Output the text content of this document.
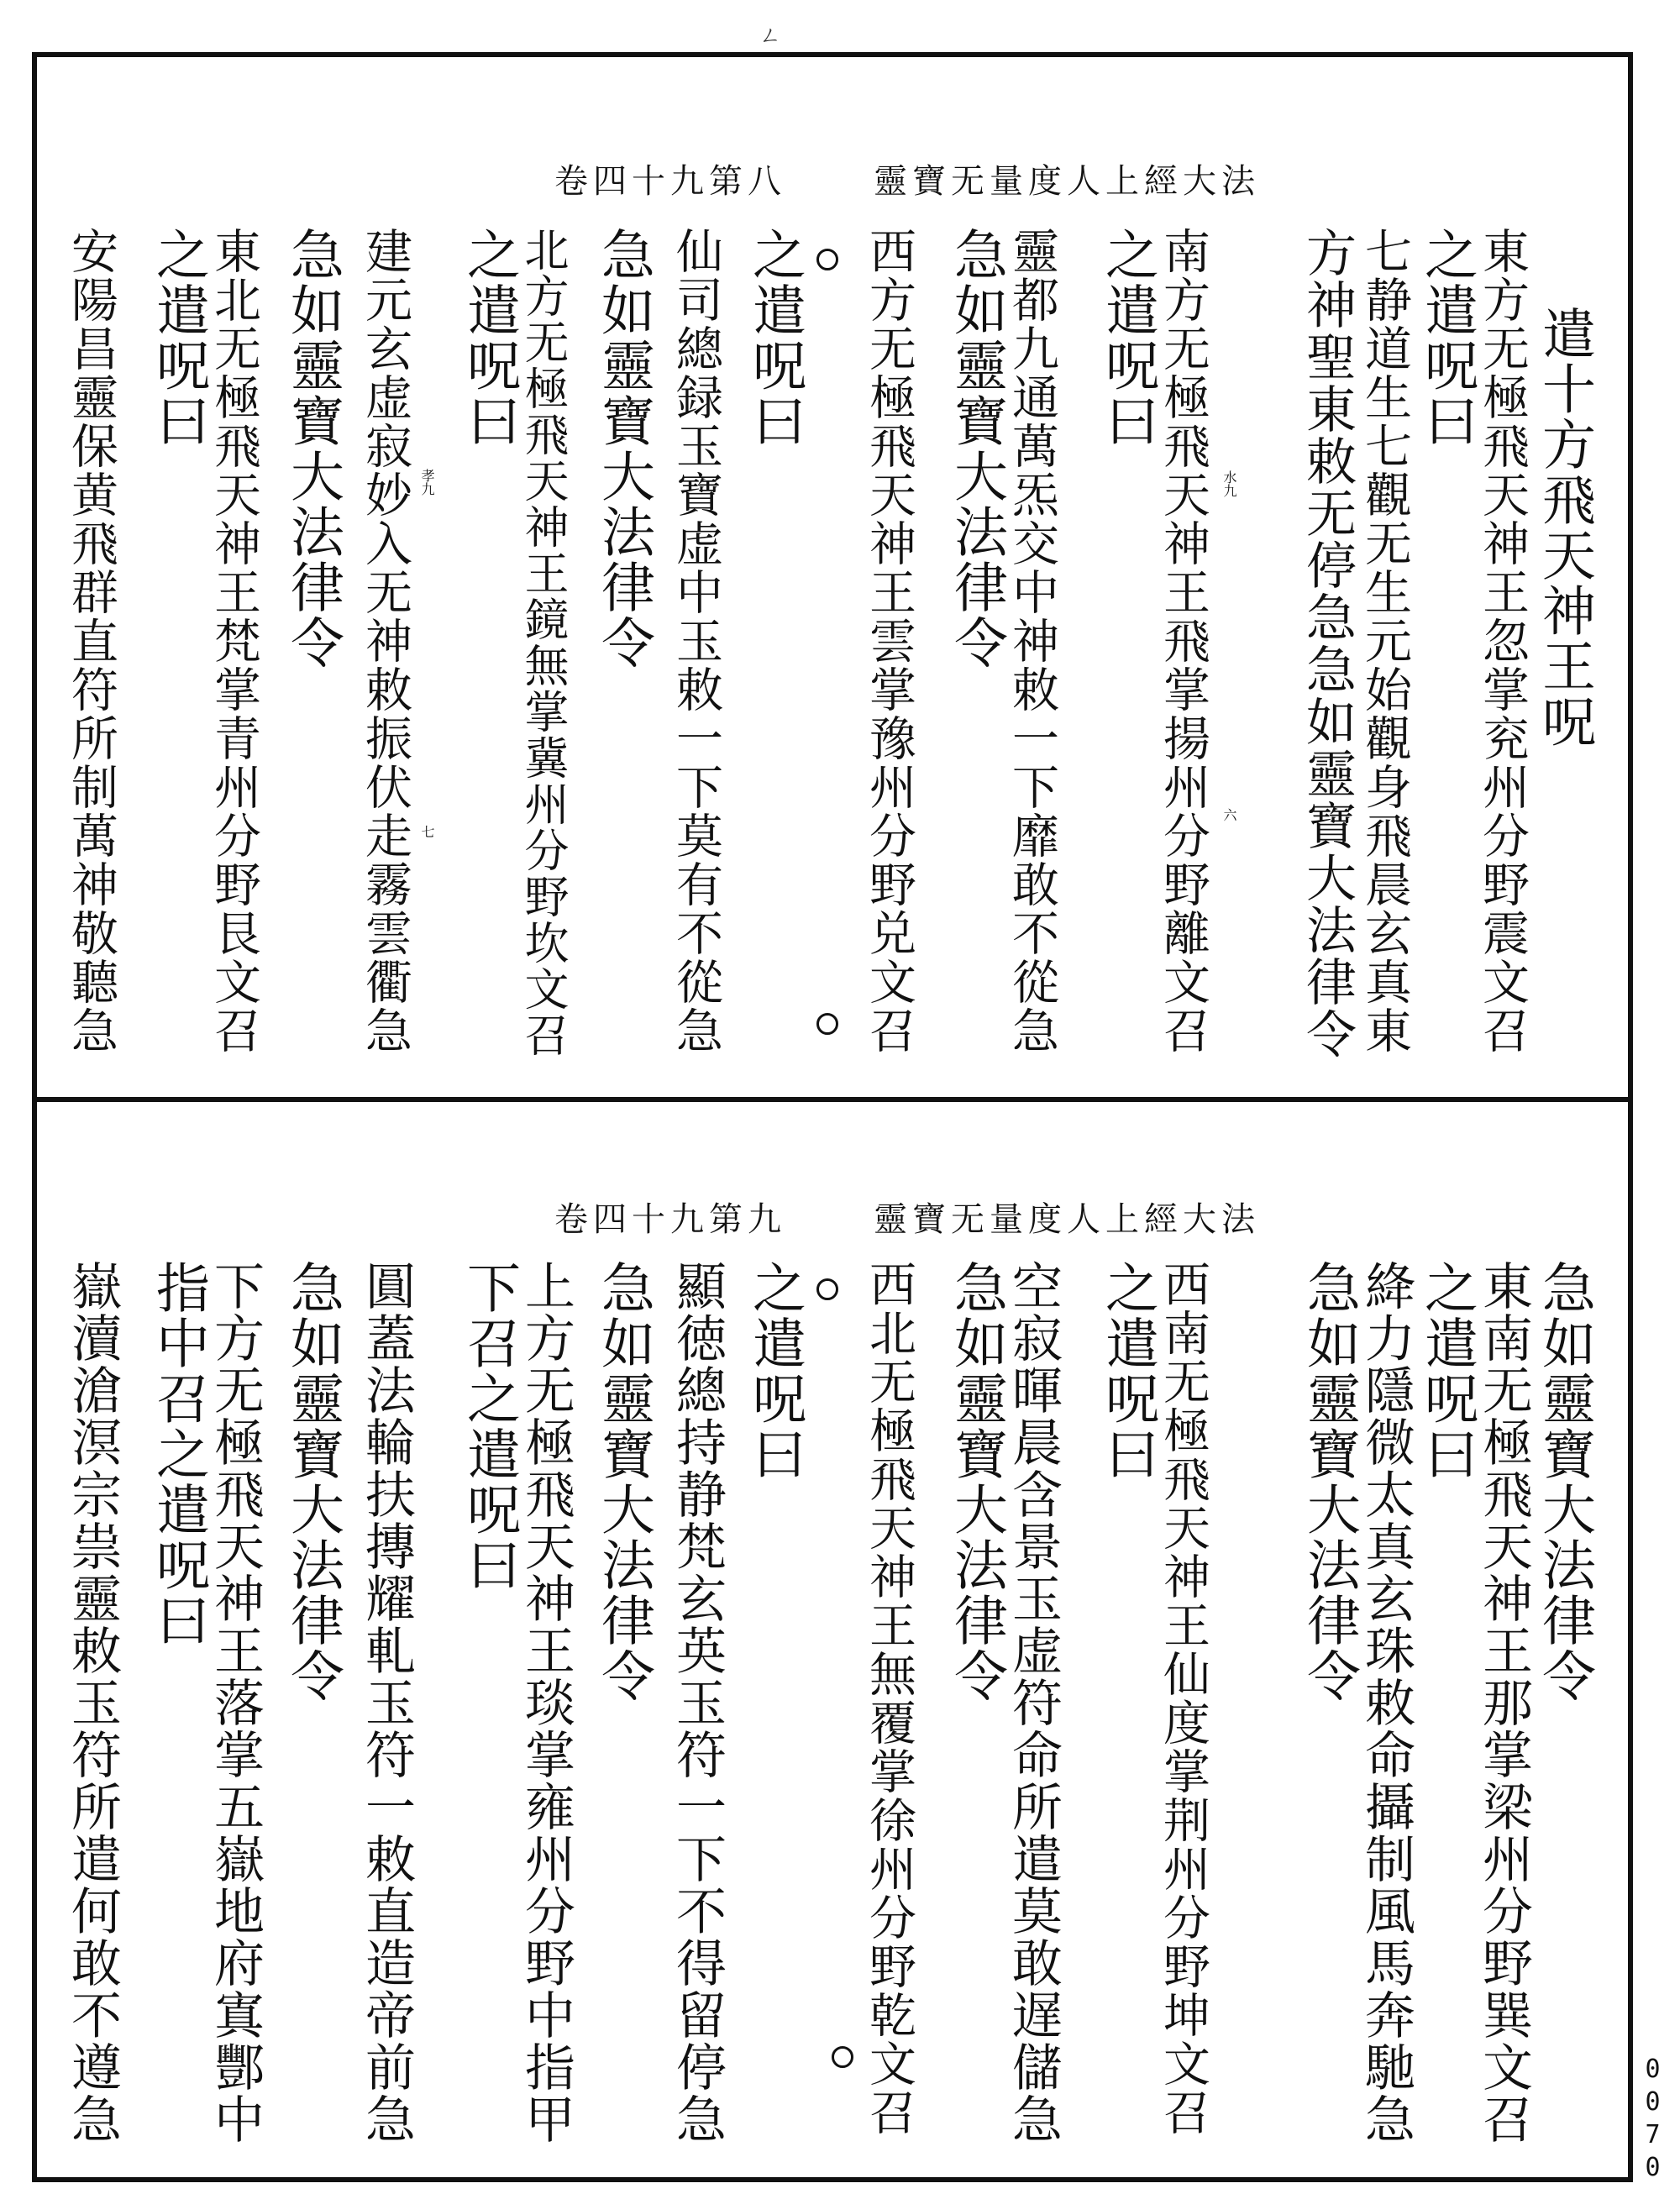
ㄥ
靈寶无量度人上經大法
卷四十九第八
遣十方飛天神王呪
東方无極飛天神王忽掌兖州分野震文召
之遣呪曰
七静道生七觀无生元始觀身飛晨玄真東
方神聖東敕无停急急如靈寶大法律令
南方无極飛天神王飛掌揚州分野離文召
之遣呪曰
靈都九通萬炁交中神敕一下靡敢不從急
急如靈寶大法律令
西方无極飛天神王雲掌豫州分野兑文召
之遣呪曰
仙司總録玉寶虚中玉敕一下莫有不從急
急如靈寶大法律令
北方无極飛天神王鏡無掌冀州分野坎文召
之遣呪曰
建元玄虚寂妙入无神敕振伏走霧雲衢急
急如靈寶大法律令
東北无極飛天神王梵掌青州分野艮文召
之遣呪曰
安陽昌靈保黄飛群直符所制萬神敬聽急	水九
六
孝九
七
靈寶无量度人上經大法
卷四十九第九
急如靈寶大法律令
東南无極飛天神王那掌梁州分野巽文召
之遣呪曰
絳力隱微太真玄珠敕命攝制風馬奔馳急
急如靈寶大法律令
西南无極飛天神王仙度掌荆州分野坤文召
之遣呪曰
空寂暉晨含景玉虚符命所遣莫敢遅儲急
急如靈寶大法律令
西北无極飛天神王無覆掌徐州分野乾文召
之遣呪曰
顯徳總持静梵玄英玉符一下不得留停急
急如靈寶大法律令
上方无極飛天神王琰掌雍州分野中指甲
下召之遣呪曰
圓蓋法輪扶摶耀軋玉符一敕直造帝前急
急如靈寶大法律令
下方无極飛天神王落掌五嶽地府寘酆中
指中召之遣呪曰
嶽瀆滄溟宗祟靈敕玉符所遣何敢不遵急	0070
